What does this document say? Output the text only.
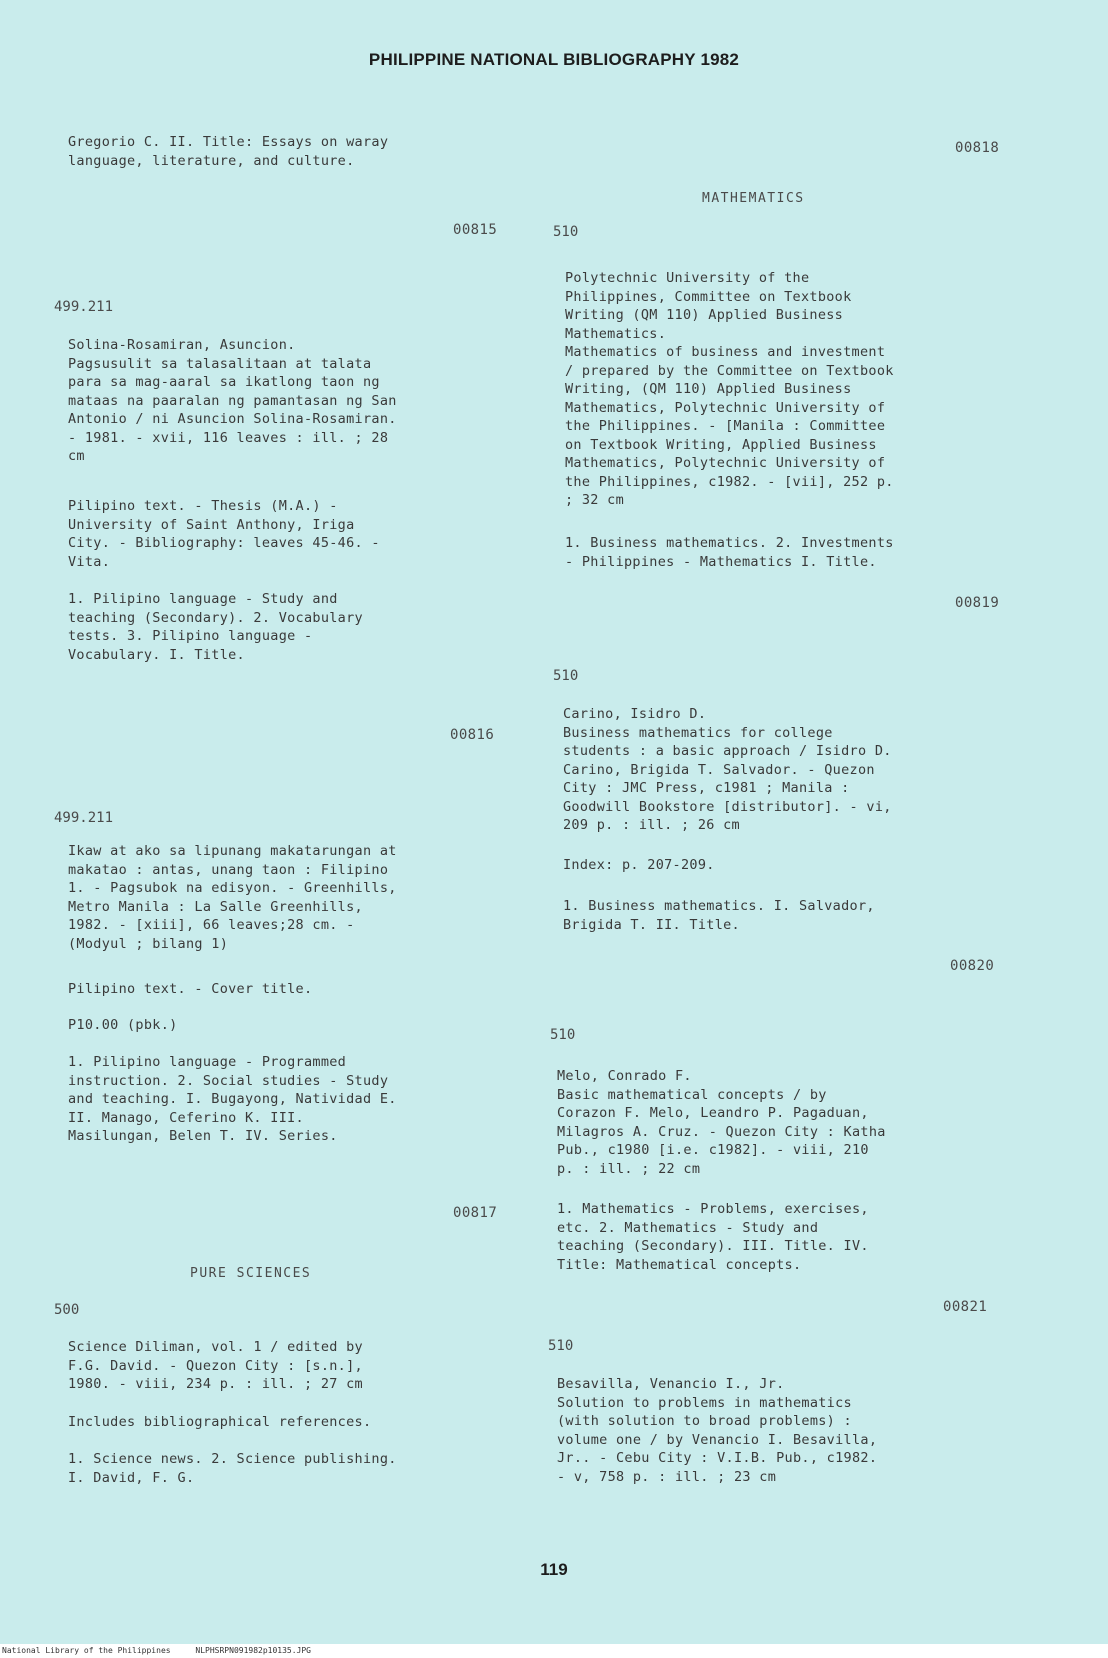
PHILIPPINE NATIONAL BIBLIOGRAPHY 1982
Gregorio C. II. Title: Essays on waray
language, literature, and culture.
00815
499.211
Solina-Rosamiran, Asuncion.
Pagsusulit sa talasalitaan at talata
para sa mag-aaral sa ikatlong taon ng
mataas na paaralan ng pamantasan ng San
Antonio / ni Asuncion Solina-Rosamiran.
- 1981. - xvii, 116 leaves : ill. ; 28
cm
Pilipino text. - Thesis (M.A.) -
University of Saint Anthony, Iriga
City. - Bibliography: leaves 45-46. -
Vita.
1. Pilipino language - Study and
teaching (Secondary). 2. Vocabulary
tests. 3. Pilipino language -
Vocabulary. I. Title.
00816
499.211
Ikaw at ako sa lipunang makatarungan at
makatao : antas, unang taon : Filipino
1. - Pagsubok na edisyon. - Greenhills,
Metro Manila : La Salle Greenhills,
1982. - [xiii], 66 leaves;28 cm. -
(Modyul ; bilang 1)
Pilipino text. - Cover title.
P10.00 (pbk.)
1. Pilipino language - Programmed
instruction. 2. Social studies - Study
and teaching. I. Bugayong, Natividad E.
II. Manago, Ceferino K. III.
Masilungan, Belen T. IV. Series.
00817
PURE SCIENCES
500
Science Diliman, vol. 1 / edited by
F.G. David. - Quezon City : [s.n.],
1980. - viii, 234 p. : ill. ; 27 cm
Includes bibliographical references.
1. Science news. 2. Science publishing.
I. David, F. G.
00818
MATHEMATICS
510
Polytechnic University of the
Philippines, Committee on Textbook
Writing (QM 110) Applied Business
Mathematics.
Mathematics of business and investment
/ prepared by the Committee on Textbook
Writing, (QM 110) Applied Business
Mathematics, Polytechnic University of
the Philippines. - [Manila : Committee
on Textbook Writing, Applied Business
Mathematics, Polytechnic University of
the Philippines, c1982. - [vii], 252 p.
; 32 cm
1. Business mathematics. 2. Investments
- Philippines - Mathematics I. Title.
00819
510
Carino, Isidro D.
Business mathematics for college
students : a basic approach / Isidro D.
Carino, Brigida T. Salvador. - Quezon
City : JMC Press, c1981 ; Manila :
Goodwill Bookstore [distributor]. - vi,
209 p. : ill. ; 26 cm
Index: p. 207-209.
1. Business mathematics. I. Salvador,
Brigida T. II. Title.
00820
510
Melo, Conrado F.
Basic mathematical concepts / by
Corazon F. Melo, Leandro P. Pagaduan,
Milagros A. Cruz. - Quezon City : Katha
Pub., c1980 [i.e. c1982]. - viii, 210
p. : ill. ; 22 cm
1. Mathematics - Problems, exercises,
etc. 2. Mathematics - Study and
teaching (Secondary). III. Title. IV.
Title: Mathematical concepts.
00821
510
Besavilla, Venancio I., Jr.
Solution to problems in mathematics
(with solution to broad problems) :
volume one / by Venancio I. Besavilla,
Jr.. - Cebu City : V.I.B. Pub., c1982.
- v, 758 p. : ill. ; 23 cm
119
National Library of the Philippines	NLPHSRPN091982p10135.JPG
